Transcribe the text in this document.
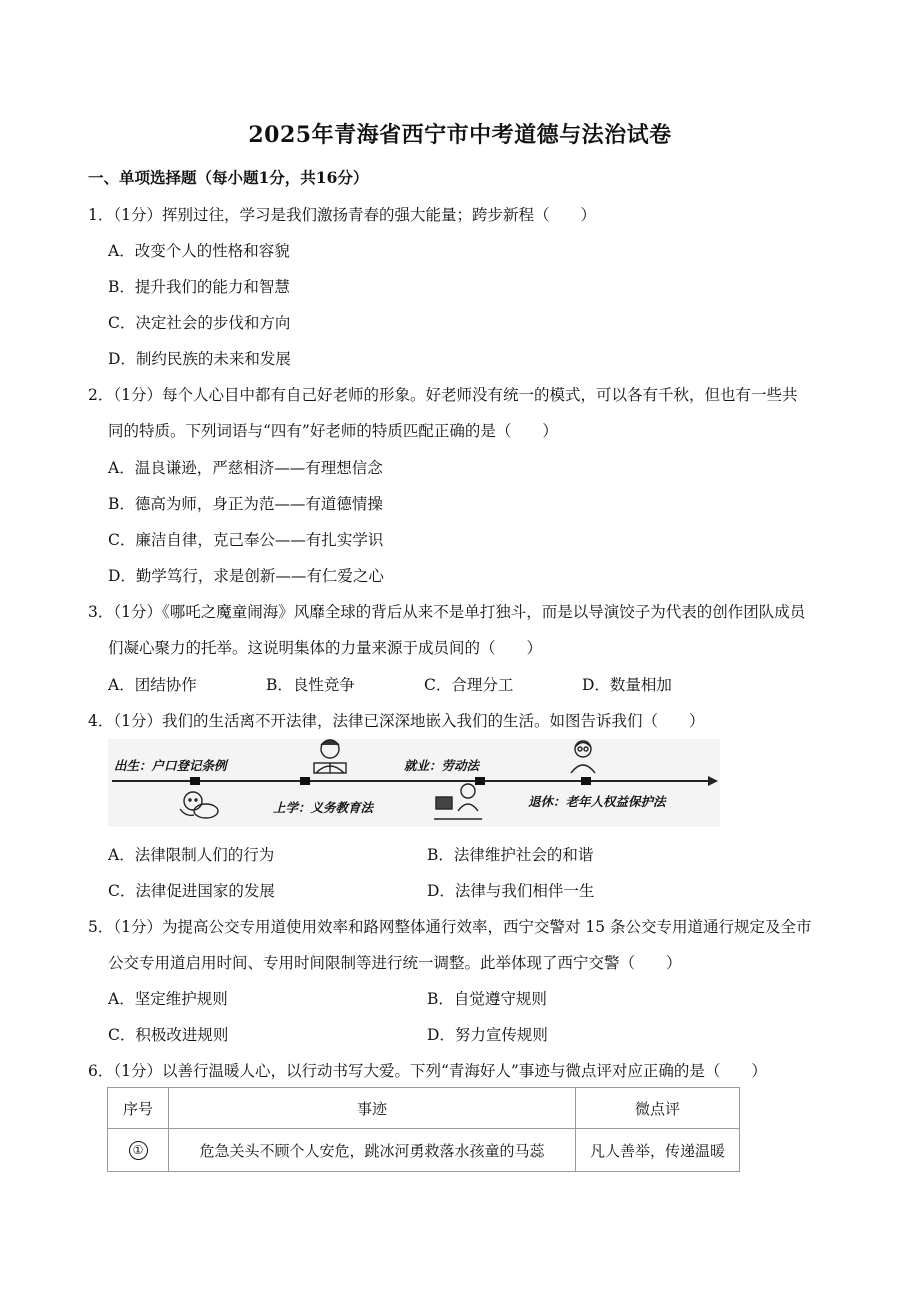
2025年青海省西宁市中考道德与法治试卷
一、单项选择题（每小题1分，共16分）
1．（1分）挥别过往，学习是我们激扬青春的强大能量；跨步新程（　　）
A．改变个人的性格和容貌
B．提升我们的能力和智慧
C．决定社会的步伐和方向
D．制约民族的未来和发展
2．（1分）每个人心目中都有自己好老师的形象。好老师没有统一的模式，可以各有千秋，但也有一些共
同的特质。下列词语与“四有”好老师的特质匹配正确的是（　　）
A．温良谦逊，严慈相济——有理想信念
B．德高为师，身正为范——有道德情操
C．廉洁自律，克己奉公——有扎实学识
D．勤学笃行，求是创新——有仁爱之心
3．（1分）《哪吒之魔童闹海》风靡全球的背后从来不是单打独斗，而是以导演饺子为代表的创作团队成员
们凝心聚力的托举。这说明集体的力量来源于成员间的（　　）
A．团结协作	B．良性竞争	C．合理分工	D．数量相加
4．（1分）我们的生活离不开法律，法律已深深地嵌入我们的生活。如图告诉我们（　　）
出生：户口登记条例
上学：义务教育法
就业：劳动法
退休：老年人权益保护法
A．法律限制人们的行为	B．法律维护社会的和谐
C．法律促进国家的发展	D．法律与我们相伴一生
5．（1分）为提高公交专用道使用效率和路网整体通行效率，西宁交警对 15 条公交专用道通行规定及全市
公交专用道启用时间、专用时间限制等进行统一调整。此举体现了西宁交警（　　）
A．坚定维护规则	B．自觉遵守规则
C．积极改进规则	D．努力宣传规则
6．（1分）以善行温暖人心，以行动书写大爱。下列“青海好人”事迹与微点评对应正确的是（　　）
序号	事迹	微点评
①	危急关头不顾个人安危，跳冰河勇救落水孩童的马蕊	凡人善举，传递温暖
